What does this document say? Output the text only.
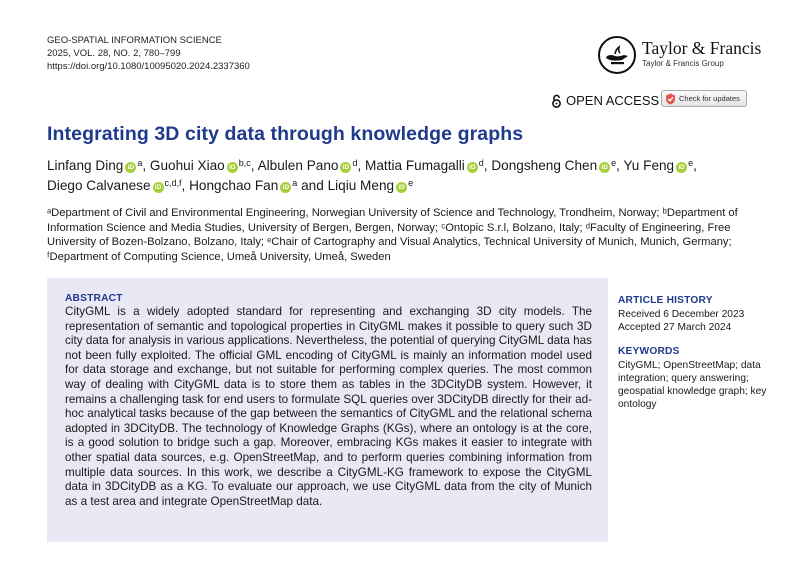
GEO-SPATIAL INFORMATION SCIENCE
2025, VOL. 28, NO. 2, 780–799
https://doi.org/10.1080/10095020.2024.2337360
Taylor & Francis
Taylor & Francis Group
OPEN ACCESS	Check for updates
Integrating 3D city data through knowledge graphs
Linfang Ding iD $^a$, Guohui Xiao iD $^{b,c}$, Albulen Pano iD $^d$, Mattia Fumagalli iD $^d$, Dongsheng Chen iD $^e$, Yu Feng iD $^e$, Diego Calvanese iD $^{c,d,f}$, Hongchao Fan iD $^a$ and Liqiu Meng iD $^e$
ᵃDepartment of Civil and Environmental Engineering, Norwegian University of Science and Technology, Trondheim, Norway; ᵇDepartment of Information Science and Media Studies, University of Bergen, Bergen, Norway; ᶜOntopic S.r.l, Bolzano, Italy; ᵈFaculty of Engineering, Free University of Bozen-Bolzano, Bolzano, Italy; ᵉChair of Cartography and Visual Analytics, Technical University of Munich, Munich, Germany; ᶠDepartment of Computing Science, Umeå University, Umeå, Sweden
ABSTRACT
CityGML is a widely adopted standard for representing and exchanging 3D city models. The representation of semantic and topological properties in CityGML makes it possible to query such 3D city data for analysis in various applications. Nevertheless, the potential of querying CityGML data has not been fully exploited. The official GML encoding of CityGML is mainly an information model used for data storage and exchange, but not suitable for performing complex queries. The most common way of dealing with CityGML data is to store them as tables in the 3DCityDB system. However, it remains a challenging task for end users to formulate SQL queries over 3DCityDB directly for their ad-hoc analytical tasks because of the gap between the semantics of CityGML and the relational schema adopted in 3DCityDB. The technology of Knowledge Graphs (KGs), where an ontology is at the core, is a good solution to bridge such a gap. Moreover, embracing KGs makes it easier to integrate with other spatial data sources, e.g. OpenStreetMap, and to perform queries combining information from multiple data sources. In this work, we describe a CityGML-KG framework to expose the CityGML data in 3DCityDB as a KG. To evaluate our approach, we use CityGML data from the city of Munich as a test area and integrate OpenStreetMap data.
ARTICLE HISTORY
Received 6 December 2023
Accepted 27 March 2024
KEYWORDS
CityGML; OpenStreetMap; data integration; query answering; geospatial knowledge graph; key ontology
